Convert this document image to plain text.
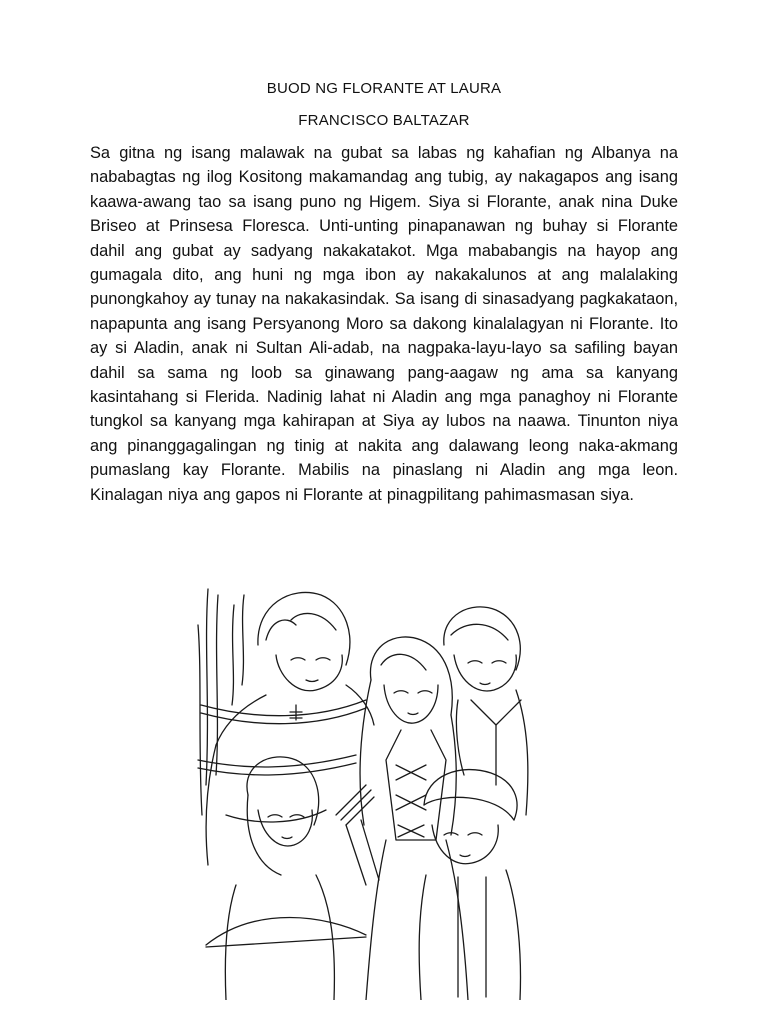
BUOD NG FLORANTE AT LAURA
FRANCISCO BALTAZAR

Sa gitna ng isang malawak na gubat sa labas ng kahafian ng Albanya na nababagtas ng ilog Kositong makamandag ang tubig, ay nakagapos ang isang kaawa-awang tao sa isang puno ng Higem. Siya si Florante, anak nina Duke Briseo at Prinsesa Floresca. Unti-unting pinapanawan ng buhay si Florante dahil ang gubat ay sadyang nakakatakot. Mga mababangis na hayop ang gumagala dito, ang huni ng mga ibon ay nakakalunos at ang malalaking punongkahoy ay tunay na nakakasindak. Sa isang di sinasadyang pagkakataon, napapunta ang isang Persyanong Moro sa dakong kinalalagyan ni Florante. Ito ay si Aladin, anak ni Sultan Ali-adab, na nagpaka-layu-layo sa safiling bayan dahil sa sama ng loob sa ginawang pang-aagaw ng ama sa kanyang kasintahang si Flerida. Nadinig lahat ni Aladin ang mga panaghoy ni Florante tungkol sa kanyang mga kahirapan at Siya ay lubos na naawa. Tinunton niya ang pinanggagalingan ng tinig at nakita ang dalawang leong naka-akmang pumaslang kay Florante. Mabilis na pinaslang ni Aladin ang mga leon. Kinalagan niya ang gapos ni Florante at pinagpilitang pahimasmasan siya.
